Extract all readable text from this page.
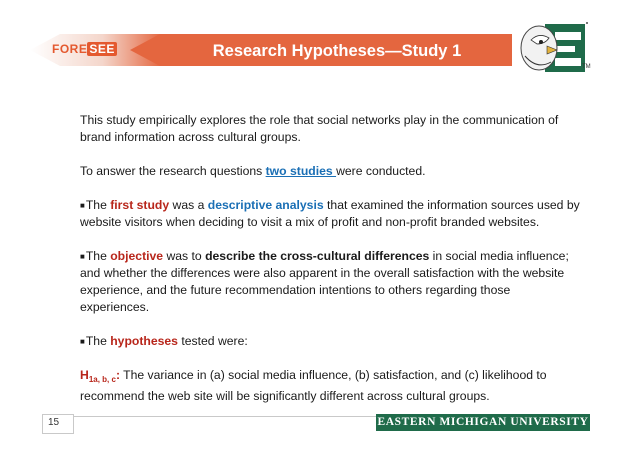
FORE SEE	Research Hypotheses—Study 1
TM

This study empirically explores the role that social networks play in the communication of brand information across cultural groups.

To answer the research questions two studies were conducted.

■The first study was a descriptive analysis that examined the information sources used by website visitors when deciding to visit a mix of profit and non-profit branded websites.

■The objective was to describe the cross-cultural differences in social media influence; and whether the differences were also apparent in the overall satisfaction with the website experience, and the future recommendation intentions to others regarding those experiences.

■The hypotheses tested were:

$H_{1a, b, c}$: The variance in (a) social media influence, (b) satisfaction, and (c) likelihood to recommend the web site will be significantly different across cultural groups.

15	EASTERN MICHIGAN UNIVERSITY
